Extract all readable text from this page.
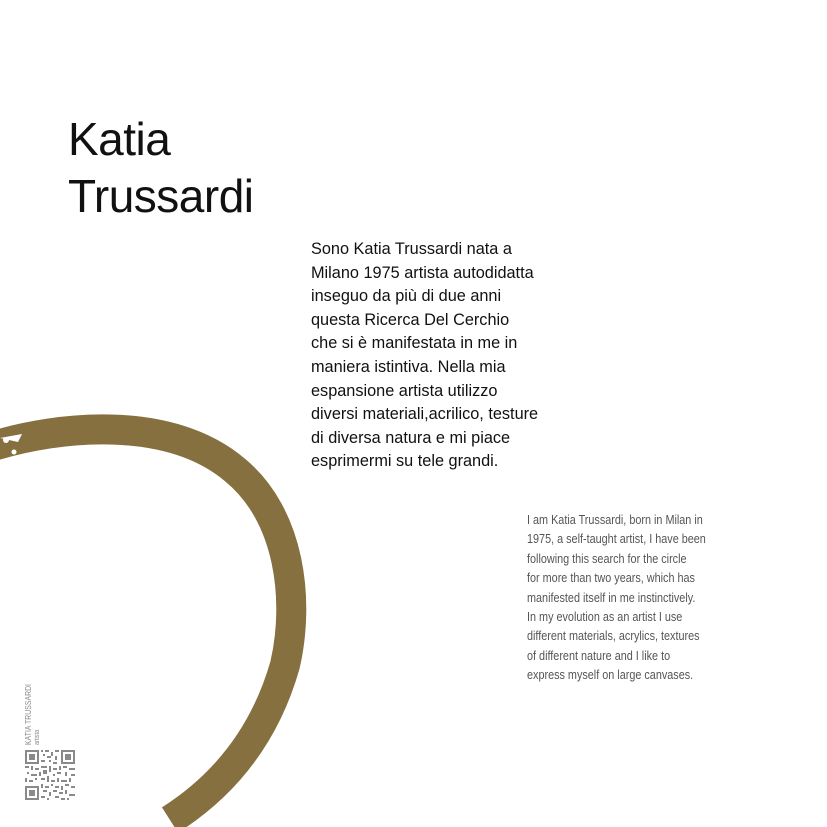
Katia
Trussardi
Sono Katia Trussardi nata a
Milano 1975 artista autodidatta
inseguo da più di due anni
questa Ricerca Del Cerchio
che si è manifestata in me in
maniera istintiva. Nella mia
espansione artista utilizzo
diversi materiali,acrilico, testure
di diversa natura e mi piace
esprimermi su tele grandi.
I am Katia Trussardi, born in Milan in
1975, a self-taught artist, I have been
following this search for the circle
for more than two years, which has
manifested itself in me instinctively.
In my evolution as an artist I use
different materials, acrylics, textures
of different nature and I like to
express myself on large canvases.
KATIA TRUSSARDI artista
